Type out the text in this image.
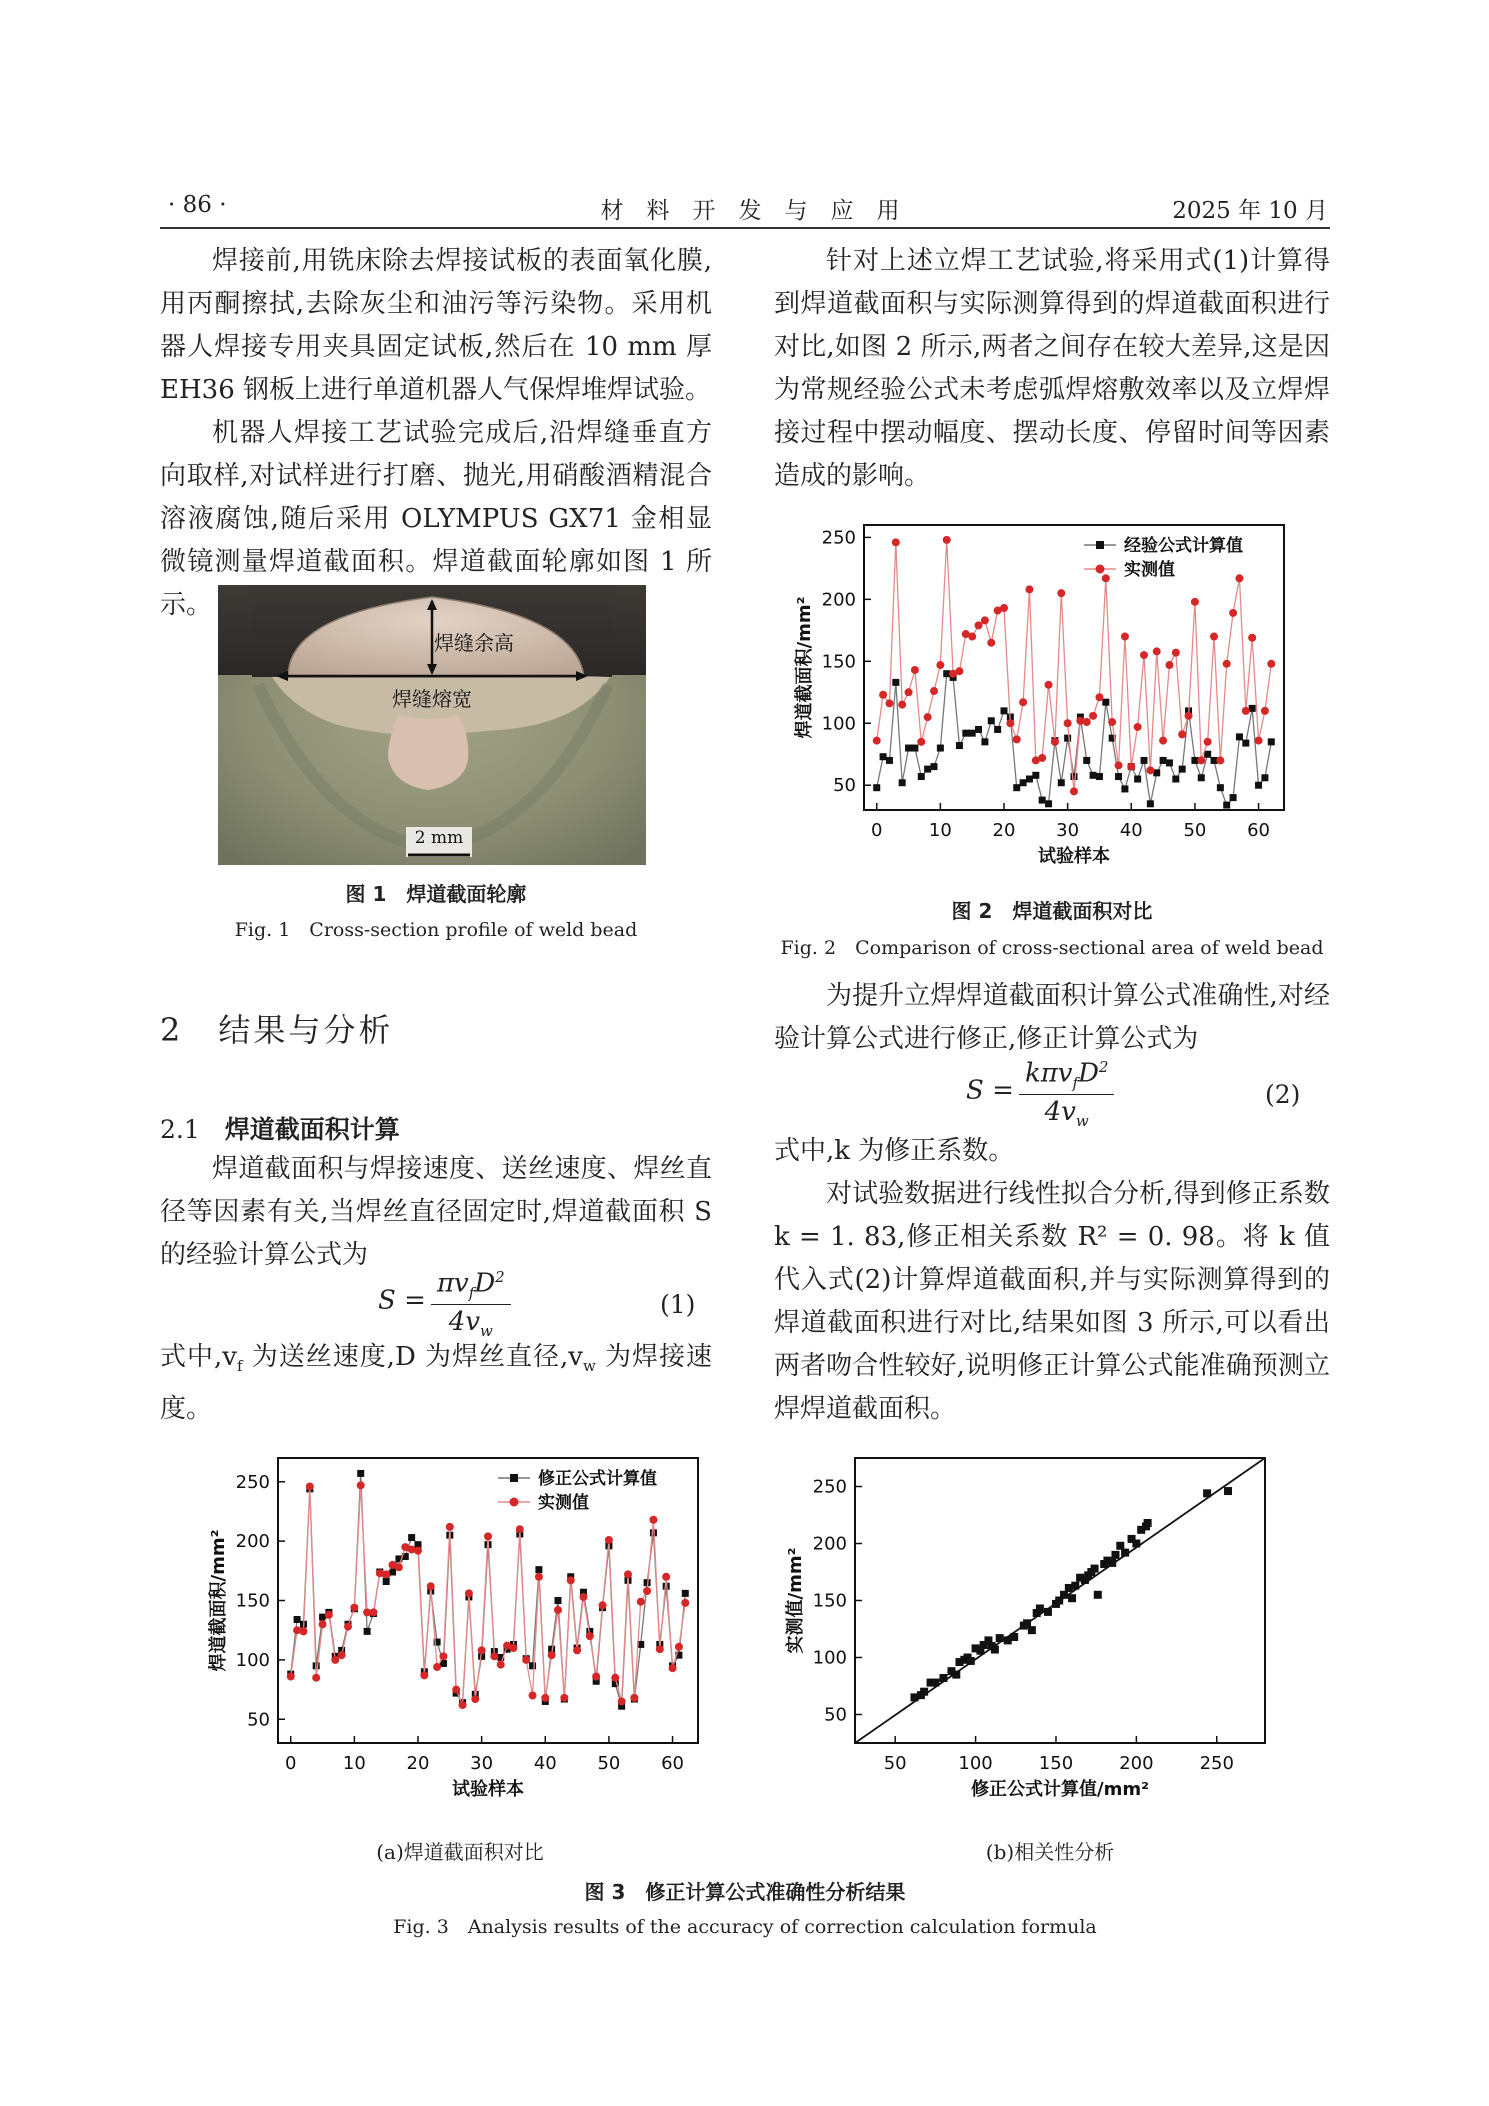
· 86 ·	材　料　开　发　与　应　用	2025 年 10 月

焊接前,用铣床除去焊接试板的表面氧化膜,用丙酮擦拭,去除灰尘和油污等污染物。采用机器人焊接专用夹具固定试板,然后在 10 mm 厚 EH36 钢板上进行单道机器人气保焊堆焊试验。

机器人焊接工艺试验完成后,沿焊缝垂直方向取样,对试样进行打磨、抛光,用硝酸酒精混合溶液腐蚀,随后采用 OLYMPUS GX71 金相显微镜测量焊道截面积。焊道截面轮廓如图 1 所示。

焊缝余高
焊缝熔宽
2 mm
图 1　焊道截面轮廓
Fig. 1　Cross-section profile of weld bead
2　结果与分析
2.1　 焊道截面积计算

焊道截面积与焊接速度、送丝速度、焊丝直径等因素有关,当焊丝直径固定时,焊道截面积 S 的经验计算公式为

$S = \frac{\pi v_fD^2}{4v_w}$	(1)

式中$,v_f$ 为送丝速度,D 为焊丝直径$,v_w$ 为焊接速度。

针对上述立焊工艺试验,将采用式(1)计算得到焊道截面积与实际测算得到的焊道截面积进行对比,如图 2 所示,两者之间存在较大差异,这是因为常规经验公式未考虑弧焊熔敷效率以及立焊焊接过程中摆动幅度、摆动长度、停留时间等因素造成的影响。

0	10 20 30 40 50 60
50
100
150
200
250
试验样本
焊道截面积/mm²
经验公式计算值
实测值
图 2　焊道截面积对比
Fig. 2　Comparison of cross-sectional area of weld bead

为提升立焊焊道截面积计算公式准确性,对经验计算公式进行修正,修正计算公式为

$S = \frac{k\pi v_fD^2}{4v_w}$	(2)

式中,k 为修正系数。

对试验数据进行线性拟合分析,得到修正系数 k = 1. 83,修正相关系数 R² = 0. 98。将 k 值代入式(2)计算焊道截面积,并与实际测算得到的焊道截面积进行对比,结果如图 3 所示,可以看出两者吻合性较好,说明修正计算公式能准确预测立焊焊道截面积。

0	10 20 30 40 50 60
50
100
150
200
250
试验样本
焊道截面积/mm²
修正公式计算值
实测值
50	100	150	200	250
50
100
150
200
250
修正公式计算值/mm²
实测值/mm²
(a)焊道截面积对比	(b)相关性分析
图 3　修正计算公式准确性分析结果
Fig. 3　Analysis results of the accuracy of correction calculation formula
